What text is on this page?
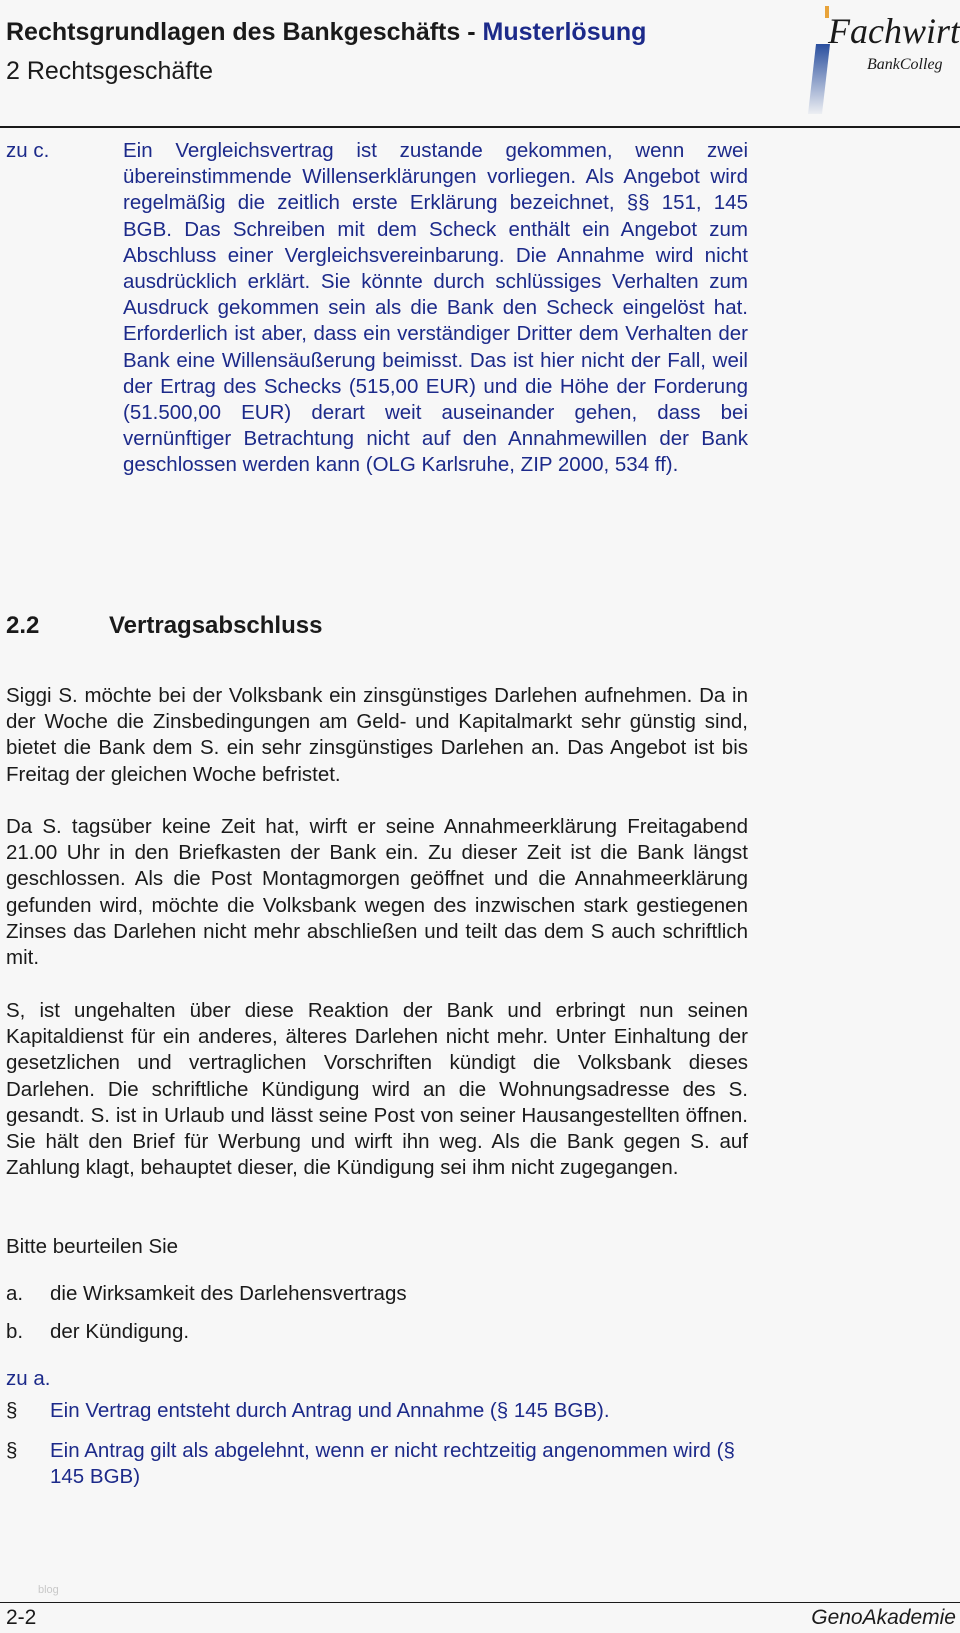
Rechtsgrundlagen des Bankgeschäfts - Musterlösung
2 Rechtsgeschäfte
Fachwirt
BankColleg
zu c.	Ein Vergleichsvertrag ist zustande gekommen, wenn zwei übereinstimmende Willenserklärungen vorliegen. Als Angebot wird regelmäßig die zeitlich erste Erklärung bezeichnet, §§ 151, 145 BGB. Das Schreiben mit dem Scheck enthält ein Angebot zum Abschluss einer Vergleichsvereinbarung. Die Annahme wird nicht ausdrücklich erklärt. Sie könnte durch schlüssiges Verhalten zum Ausdruck gekommen sein als die Bank den Scheck eingelöst hat. Erforderlich ist aber, dass ein verständiger Dritter dem Verhalten der Bank eine Willensäußerung beimisst. Das ist hier nicht der Fall, weil der Ertrag des Schecks (515,00 EUR) und die Höhe der Forderung (51.500,00 EUR) derart weit auseinander gehen, dass bei vernünftiger Betrachtung nicht auf den Annahmewillen der Bank geschlossen werden kann (OLG Karlsruhe, ZIP 2000, 534 ff).
2.2	Vertragsabschluss
Siggi S. möchte bei der Volksbank ein zinsgünstiges Darlehen aufnehmen. Da in der Woche die Zinsbedingungen am Geld- und Kapitalmarkt sehr günstig sind, bietet die Bank dem S. ein sehr zinsgünstiges Darlehen an. Das Angebot ist bis Freitag der gleichen Woche befristet.
Da S. tagsüber keine Zeit hat, wirft er seine Annahmeerklärung Freitagabend 21.00 Uhr in den Briefkasten der Bank ein. Zu dieser Zeit ist die Bank längst geschlossen. Als die Post Montagmorgen geöffnet und die Annahmeerklärung gefunden wird, möchte die Volksbank wegen des inzwischen stark gestiegenen Zinses das Darlehen nicht mehr abschließen und teilt das dem S auch schriftlich mit.
S, ist ungehalten über diese Reaktion der Bank und erbringt nun seinen Kapitaldienst für ein anderes, älteres Darlehen nicht mehr. Unter Einhaltung der gesetzlichen und vertraglichen Vorschriften kündigt die Volksbank dieses Darlehen. Die schriftliche Kündigung wird an die Wohnungsadresse des S. gesandt. S. ist in Urlaub und lässt seine Post von seiner Hausangestellten öffnen. Sie hält den Brief für Werbung und wirft ihn weg. Als die Bank gegen S. auf Zahlung klagt, behauptet dieser, die Kündigung sei ihm nicht zugegangen.
Bitte beurteilen Sie
a. die Wirksamkeit des Darlehensvertrags
b. der Kündigung.
zu a.
§ Ein Vertrag entsteht durch Antrag und Annahme (§ 145 BGB).
§ Ein Antrag gilt als abgelehnt, wenn er nicht rechtzeitig angenommen wird (§ 145 BGB)
blog
2-2	GenoAkademie
